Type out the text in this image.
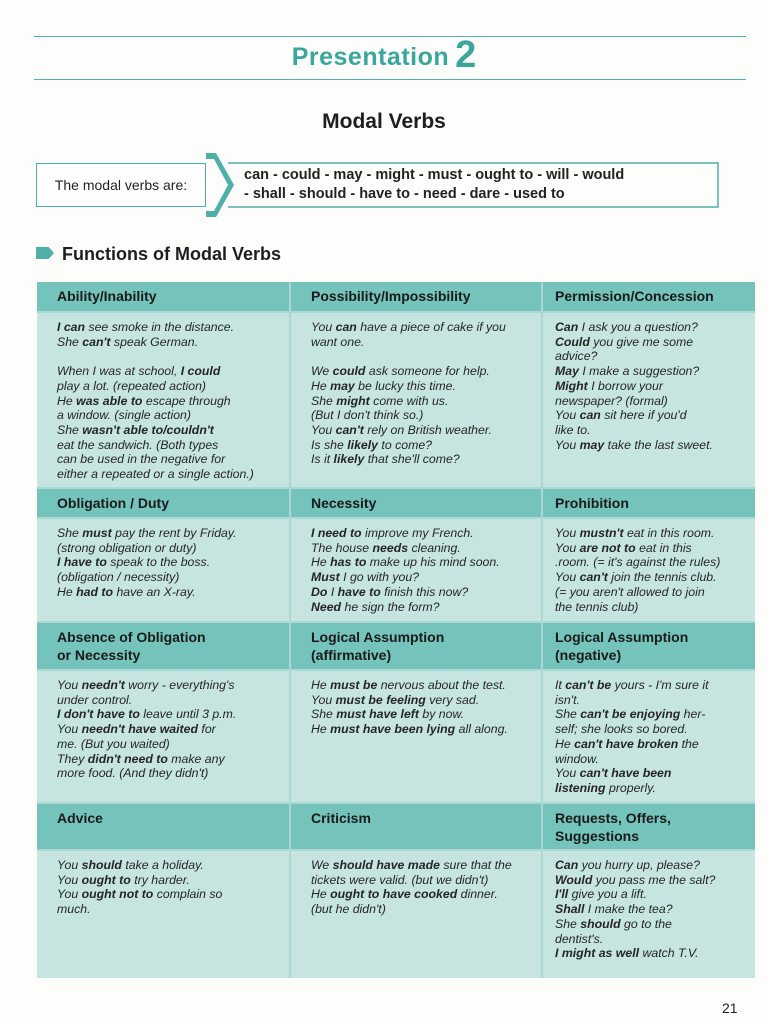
Presentation 2
Modal Verbs
The modal verbs are:
can - could - may - might - must - ought to - will - would
- shall - should - have to - need - dare - used to
Functions of Modal Verbs
Ability/Inability
I can see smoke in the distance.
She can't speak German.
When I was at school, I could
play a lot. (repeated action)
He was able to escape through
a window. (single action)
She wasn't able to/couldn't
eat the sandwich. (Both types
can be used in the negative for
either a repeated or a single action.)
Possibility/Impossibility
You can have a piece of cake if you
want one.
We could ask someone for help.
He may be lucky this time.
She might come with us.
(But I don't think so.)
You can't rely on British weather.
Is she likely to come?
Is it likely that she'll come?
Permission/Concession
Can I ask you a question?
Could you give me some
advice?
May I make a suggestion?
Might I borrow your
newspaper? (formal)
You can sit here if you'd
like to.
You may take the last sweet.
Obligation / Duty
She must pay the rent by Friday.
(strong obligation or duty)
I have to speak to the boss.
(obligation / necessity)
He had to have an X-ray.
Necessity
I need to improve my French.
The house needs cleaning.
He has to make up his mind soon.
Must I go with you?
Do I have to finish this now?
Need he sign the form?
Prohibition
You mustn't eat in this room.
You are not to eat in this
.room. (= it's against the rules)
You can't join the tennis club.
(= you aren't allowed to join
the tennis club)
Absence of Obligation
or Necessity
You needn't worry - everything's
under control.
I don't have to leave until 3 p.m.
You needn't have waited for
me. (But you waited)
They didn't need to make any
more food. (And they didn't)
Logical Assumption
(affirmative)
He must be nervous about the test.
You must be feeling very sad.
She must have left by now.
He must have been lying all along.
Logical Assumption
(negative)
It can't be yours - I'm sure it
isn't.
She can't be enjoying her-
self; she looks so bored.
He can't have broken the
window.
You can't have been
listening properly.
Advice
You should take a holiday.
You ought to try harder.
You ought not to complain so
much.
Criticism
We should have made sure that the
tickets were valid. (but we didn't)
He ought to have cooked dinner.
(but he didn't)
Requests, Offers,
Suggestions
Can you hurry up, please?
Would you pass me the salt?
I'll give you a lift.
Shall I make the tea?
She should go to the
dentist's.
I might as well watch T.V.
21
